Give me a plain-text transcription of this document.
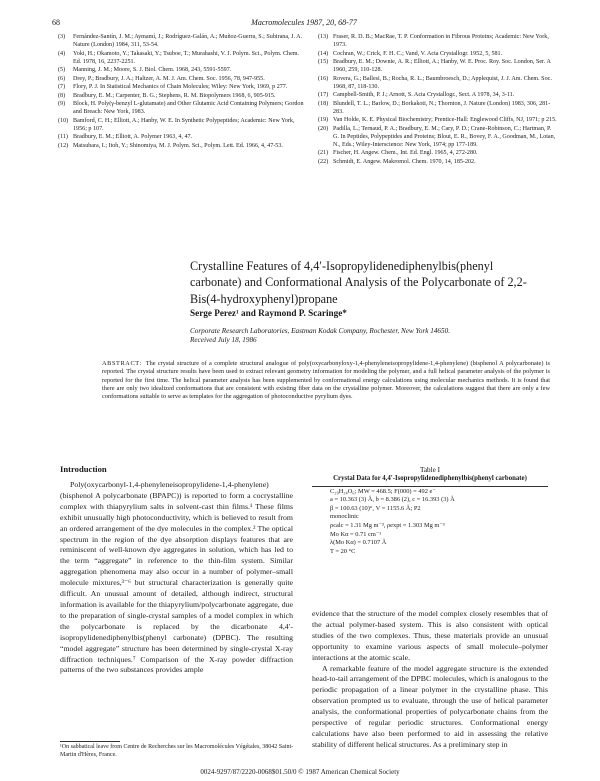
68	Macromolecules 1987, 20, 68-77
(3) Fernández-Santín, J. M.; Aymamí, J.; Rodríguez-Galán, A.; Muñoz-Guerra, S.; Subirana, J. A. Nature (London) 1984, 311, 53-54.
(4) Yoki, H.; Okamoto, Y.; Takasaki, Y.; Tsuboe, T.; Murahashi, V. J. Polym. Sci., Polym. Chem. Ed. 1978, 16, 2237-2251.
(5) Manning, J. M.; Moore, S. J. Biol. Chem. 1968, 243, 5591-5597.
(6) Drey, P.; Bradbury, J. A.; Haltzer, A. M. J. Am. Chem. Soc. 1956, 78, 947-955.
(7) Flory, P. J. In Statistical Mechanics of Chain Molecules; Wiley: New York, 1969, p 277.
(8) Bradbury, E. M.; Carpenter, B. G.; Stephens, R. M. Biopolymers 1968, 6, 905-915.
(9) Block, H. Poly(γ-benzyl L-glutamate) and Other Glutamic Acid Containing Polymers; Gordon and Breach: New York, 1983.
(10) Bamford, C. H.; Elliott, A.; Hanby, W. E. In Synthetic Polypeptides; Academic: New York, 1956; p 107.
(11) Bradbury, E. M.; Elliott, A. Polymer 1963, 4, 47.
(12) Matsubara, I.; Itoh, Y.; Shinomiya, M. J. Polym. Sci., Polym. Lett. Ed. 1966, 4, 47-53.
(13) Fraser, R. D. B.; MacRae, T. P. Conformation in Fibrous Proteins; Academic: New York, 1973.
(14) Cochran, W.; Crick, F. H. C.; Vand, V. Acta Crystallogr. 1952, 5, 581.
(15) Bradbury, E. M.; Downie, A. R.; Elliott, A.; Hanby, W. E. Proc. Roy. Soc. London, Ser. A 1960, 259, 110-128.
(16) Rovera, G.; Ballesi, B.; Rocha, R. L.; Baumbroesch, D.; Applequist, J. J. Am. Chem. Soc. 1968, 87, 118-130.
(17) Campbell-Smith, P. J.; Arnott, S. Acta Crystallogr., Sect. A 1978, 34, 3-11.
(18) Blundell, T. L.; Barlow, D.; Borkakoti, N.; Thornton, J. Nature (London) 1983, 306, 281-283.
(19) Van Holde, K. E. Physical Biochemistry; Prentice-Hall: Englewood Cliffs, NJ, 1971; p 215.
(20) Padilla, L.; Ternaud, P. A.; Bradbury, E. M.; Cary, P. D.; Crane-Robinson, C.; Hartman, P. G. In Peptides, Polypeptides and Proteins; Blout, E. R., Bovey, F. A., Goodman, M., Lotan, N., Eds.; Wiley-Interscience: New York, 1974; pp 177-189.
(21) Fischer, H. Angew. Chem., Int. Ed. Engl. 1965, 4, 272-280.
(22) Schmidt, E. Angew. Makromol. Chem. 1970, 14, 185-202.
Crystalline Features of 4,4′-Isopropylidenediphenylbis(phenyl carbonate) and Conformational Analysis of the Polycarbonate of 2,2-Bis(4-hydroxyphenyl)propane
Serge Perez¹ and Raymond P. Scaringe*
Corporate Research Laboratories, Eastman Kodak Company, Rochester, New York 14650.
Received July 18, 1986
ABSTRACT: The crystal structure of a complete structural analogue of poly(oxycarbonyloxy-1,4-phenyleneisopropylidene-1,4-phenylene) (bisphenol A polycarbonate) is reported. The crystal structure results have been used to extract relevant geometry information for modeling the polymer, and a full helical parameter analysis of the polymer is reported for the first time. The helical parameter analysis has been supplemented by conformational energy calculations using molecular mechanics methods. It is found that there are only two idealized conformations that are consistent with existing fiber data on the crystalline polymer. Moreover, the calculations suggest that there are only a few conformations suitable to serve as templates for the aggregation of photoconductive pyrylium dyes.
Introduction

Poly(oxycarbonyl-1,4-phenyleneisopropylidene-1,4-phenylene) (bisphenol A polycarbonate (BPAPC)) is reported to form a cocrystalline complex with thiapyrylium salts in solvent-cast thin films.¹ These films exhibit unusually high photoconductivity, which is believed to result from an ordered arrangement of the dye molecules in the complex.² The optical spectrum in the region of the dye absorption displays features that are reminiscent of well-known dye aggregates in solution, which has led to the term “aggregate” in reference to the thin-film system. Similar aggregation phenomena may also occur in a number of polymer–small molecule mixtures,³⁻⁶ but structural characterization is generally quite difficult. An unusual amount of detailed, although indirect, structural information is available for the thiapyrylium/polycarbonate aggregate, due to the preparation of single-crystal samples of a model complex in which the polycarbonate is replaced by the dicarbonate 4,4′-isopropylidenediphenylbis(phenyl carbonate) (DPBC). The resulting “model aggregate” structure has been determined by single-crystal X-ray diffraction techniques.⁷ Comparison of the X-ray powder diffraction patterns of the two substances provides ample

Table I
Crystal Data for 4,4′-Isopropylidenediphenylbis(phenyl carbonate)
C₂₉H₂₄O₆; MW = 468.5; F(000) = 492 e⁻
a = 10.363 (3) Å, b = 8.386 (2), c = 16.393 (3) Å
β = 100.63 (10)°, V = 1155.6 Å; P2
monoclinic
ρcalc = 1.31 Mg m⁻³, ρexpt = 1.303 Mg m⁻³
Mo Kα = 0.71 cm⁻¹
λ(Mo Kα) = 0.7107 Å
T = 20 °C

evidence that the structure of the model complex closely resembles that of the actual polymer-based system. This is also consistent with optical studies of the two complexes. Thus, these materials provide an unusual opportunity to examine various aspects of small molecule–polymer interactions at the atomic scale.

A remarkable feature of the model aggregate structure is the extended head-to-tail arrangement of the DPBC molecules, which is analogous to the periodic propagation of a linear polymer in the crystalline phase. This observation prompted us to evaluate, through the use of helical parameter analysis, the conformational properties of polycarbonate chains from the perspective of regular periodic structures. Conformational energy calculations have also been performed to aid in assessing the relative stability of different helical structures. As a preliminary step in

¹On sabbatical leave from Centre de Recherches sur les Macromolécules Végétales, 38042 Saint-Martin d'Hères, France.
0024-9297/87/2220-0068$01.50/0 © 1987 American Chemical Society
